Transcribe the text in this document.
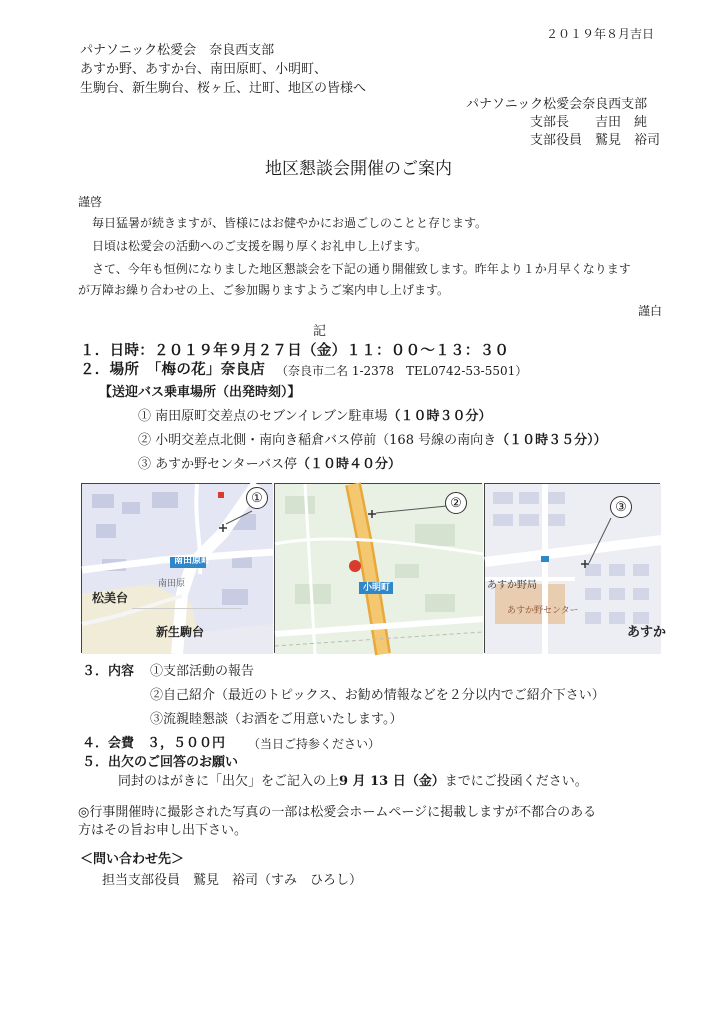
２０１９年８月吉日
パナソニック松愛会　奈良西支部
あすか野、あすか台、南田原町、小明町、
生駒台、新生駒台、桜ヶ丘、辻町、地区の皆様へ
パナソニック松愛会奈良西支部
支部長　　吉田　純
支部役員　鷲見　裕司
地区懇談会開催のご案内
謹啓
毎日猛暑が続きますが、皆様にはお健やかにお過ごしのことと存じます。
日頃は松愛会の活動へのご支援を賜り厚くお礼申し上げます。
さて、今年も恒例になりました地区懇談会を下記の通り開催致します。昨年より１か月早くなります
が万障お繰り合わせの上、ご参加賜りますようご案内申し上げます。
謹白
記
１．日時：２０１９年９月２７日（金）１１：００～１３：３０
２．場所　「梅の花」奈良店 （奈良市二名 1-2378　TEL0742-53-5501）
【送迎バス乗車場所（出発時刻）】
① 南田原町交差点のセブンイレブン駐車場（１０時３０分）
② 小明交差点北側・南向き稲倉バス停前（168 号線の南向き（１０時３５分））
③ あすか野センターバス停（１０時４０分）
①
南田原町
南田原
松美台
新生駒台
②
小明町
③
あすか野局
あすか野センター
あすか
３．内容 ①支部活動の報告
②自己紹介（最近のトピックス、お勧め情報などを２分以内でご紹介下さい）
③流親睦懇談（お酒をご用意いたします。）
４．会費　３，５００円 （当日ご持参ください）
５．出欠のご回答のお願い
同封のはがきに「出欠」をご記入の上9 月 13 日（金）までにご投函ください。
◎行事開催時に撮影された写真の一部は松愛会ホームページに掲載しますが不都合のある
方はその旨お申し出下さい。
＜問い合わせ先＞
担当支部役員　鷲見　裕司（すみ　ひろし）
